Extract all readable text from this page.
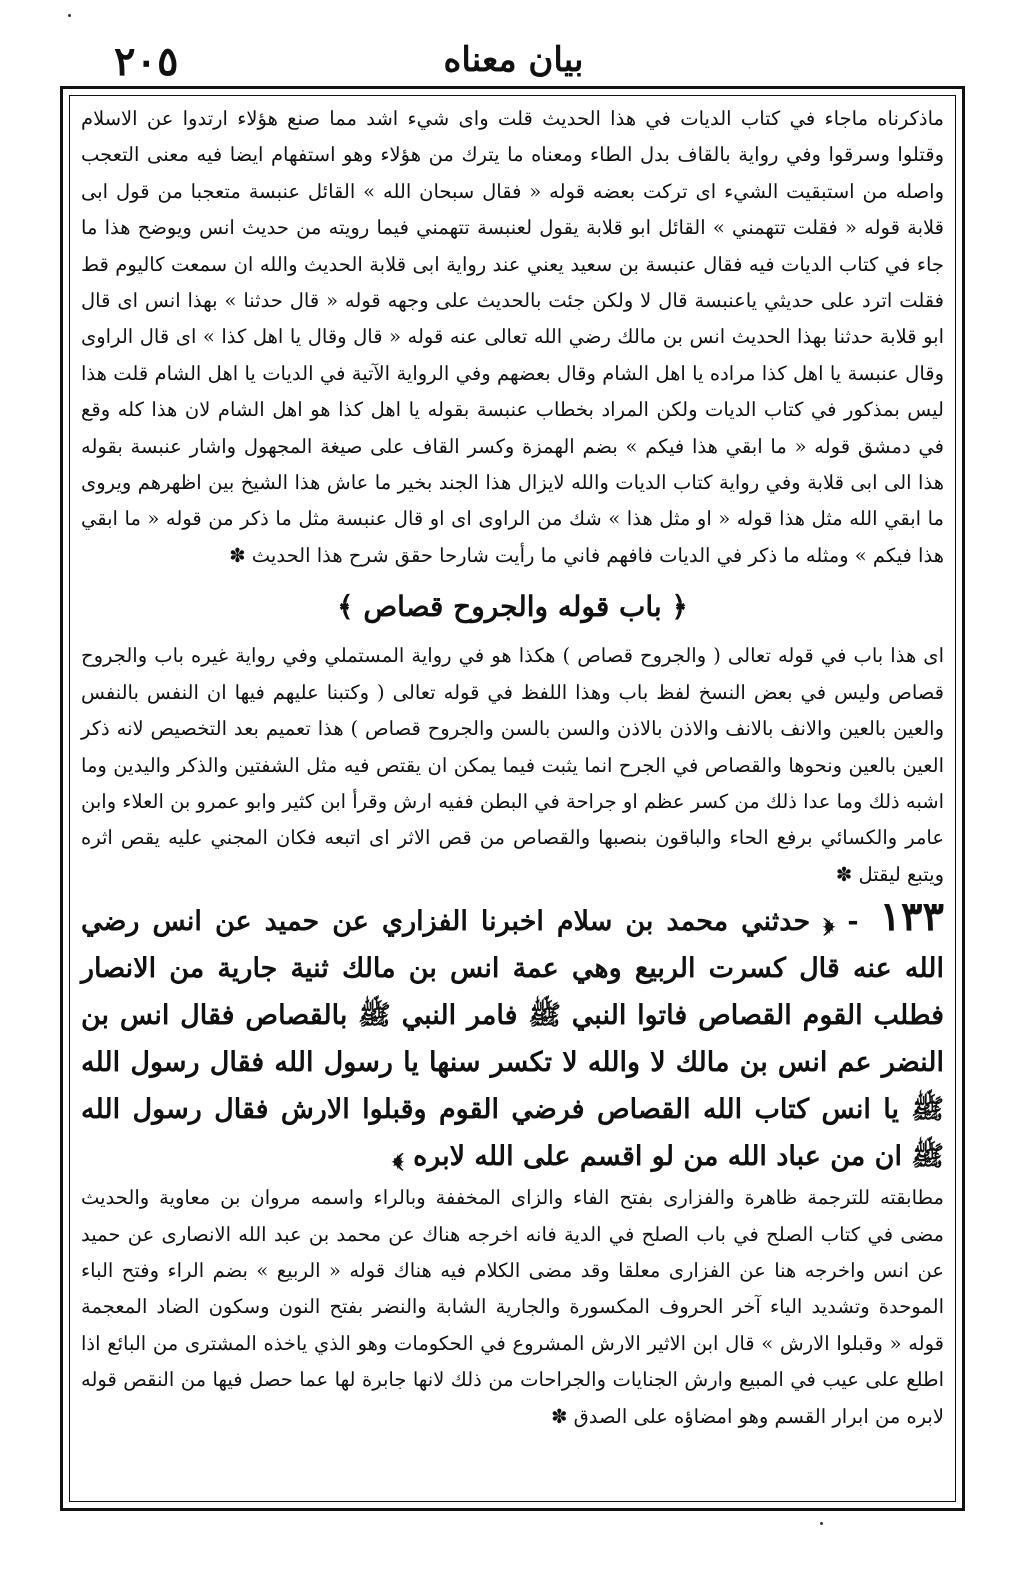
٢٠٥	بيان معناه

ماذكرناه ماجاء في كتاب الديات في هذا الحديث قلت واى شيء اشد مما صنع هؤلاء ارتدوا عن الاسلام وقتلوا وسرقوا وفي رواية بالقاف بدل الطاء ومعناه ما يترك من هؤلاء وهو استفهام ايضا فيه معنى التعجب واصله من استبقيت الشيء اى تركت بعضه قوله « فقال سبحان الله » القائل عنبسة متعجبا من قول ابى قلابة قوله « فقلت تتهمني » القائل ابو قلابة يقول لعنبسة تتهمني فيما رويته من حديث انس ويوضح هذا ما جاء في كتاب الديات فيه فقال عنبسة بن سعيد يعني عند رواية ابى قلابة الحديث والله ان سمعت كاليوم قط فقلت اترد على حديثي ياعنبسة قال لا ولكن جئت بالحديث على وجهه قوله « قال حدثنا » بهذا انس اى قال ابو قلابة حدثنا بهذا الحديث انس بن مالك رضي الله تعالى عنه قوله « قال وقال يا اهل كذا » اى قال الراوى وقال عنبسة يا اهل كذا مراده يا اهل الشام وقال بعضهم وفي الرواية الآتية في الديات يا اهل الشام قلت هذا ليس بمذكور في كتاب الديات ولكن المراد بخطاب عنبسة بقوله يا اهل كذا هو اهل الشام لان هذا كله وقع في دمشق قوله « ما ابقي هذا فيكم » بضم الهمزة وكسر القاف على صيغة المجهول واشار عنبسة بقوله هذا الى ابى قلابة وفي رواية كتاب الديات والله لايزال هذا الجند بخير ما عاش هذا الشيخ بين اظهرهم ويروى ما ابقي الله مثل هذا قوله « او مثل هذا » شك من الراوى اى او قال عنبسة مثل ما ذكر من قوله « ما ابقي هذا فيكم » ومثله ما ذكر في الديات فافهم فاني ما رأيت شارحا حقق شرح هذا الحديث ✽

﴿ باب قوله والجروح قصاص ﴾

اى هذا باب في قوله تعالى ( والجروح قصاص ) هكذا هو في رواية المستملي وفي رواية غيره باب والجروح قصاص وليس في بعض النسخ لفظ باب وهذا اللفظ في قوله تعالى ( وكتبنا عليهم فيها ان النفس بالنفس والعين بالعين والانف بالانف والاذن بالاذن والسن بالسن والجروح قصاص ) هذا تعميم بعد التخصيص لانه ذكر العين بالعين ونحوها والقصاص في الجرح انما يثبت فيما يمكن ان يقتص فيه مثل الشفتين والذكر واليدين وما اشبه ذلك وما عدا ذلك من كسر عظم او جراحة في البطن ففيه ارش وقرأ ابن كثير وابو عمرو بن العلاء وابن عامر والكسائي برفع الحاء والباقون بنصبها والقصاص من قص الاثر اى اتبعه فكان المجني عليه يقص اثره ويتبع ليقتل ✽

١٣٣ - ﴿ حدثني محمد بن سلام اخبرنا الفزاري عن حميد عن انس رضي الله عنه قال كسرت الربيع وهي عمة انس بن مالك ثنية جارية من الانصار فطلب القوم القصاص فاتوا النبي ﷺ فامر النبي ﷺ بالقصاص فقال انس بن النضر عم انس بن مالك لا والله لا تكسر سنها يا رسول الله فقال رسول الله ﷺ يا انس كتاب الله القصاص فرضي القوم وقبلوا الارش فقال رسول الله ﷺ ان من عباد الله من لو اقسم على الله لابره ﴾

مطابقته للترجمة ظاهرة والفزارى بفتح الفاء والزاى المخففة وبالراء واسمه مروان بن معاوية والحديث مضى في كتاب الصلح في باب الصلح في الدية فانه اخرجه هناك عن محمد بن عبد الله الانصارى عن حميد عن انس واخرجه هنا عن الفزارى معلقا وقد مضى الكلام فيه هناك قوله « الربيع » بضم الراء وفتح الباء الموحدة وتشديد الياء آخر الحروف المكسورة والجارية الشابة والنضر بفتح النون وسكون الضاد المعجمة قوله « وقبلوا الارش » قال ابن الاثير الارش المشروع في الحكومات وهو الذي ياخذه المشترى من البائع اذا اطلع على عيب في المبيع وارش الجنايات والجراحات من ذلك لانها جابرة لها عما حصل فيها من النقص قوله لابره من ابرار القسم وهو امضاؤه على الصدق ✽
